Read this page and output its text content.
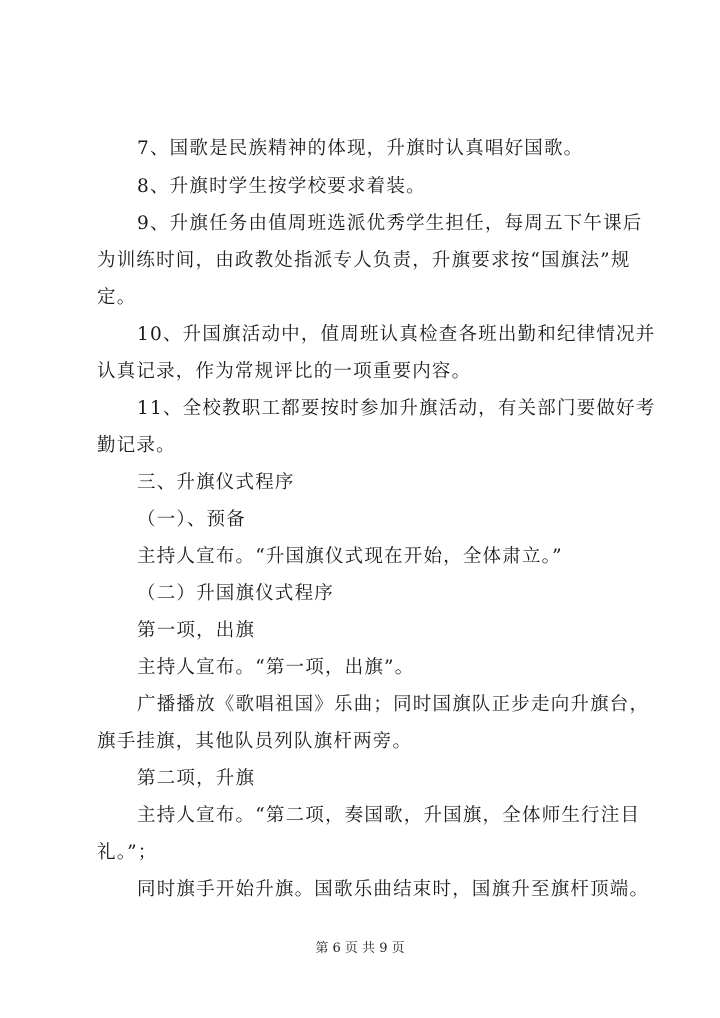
7、国歌是民族精神的体现，升旗时认真唱好国歌。
8、升旗时学生按学校要求着装。
9、升旗任务由值周班选派优秀学生担任，每周五下午课后
为训练时间，由政教处指派专人负责，升旗要求按“国旗法”规
定。
10、升国旗活动中，值周班认真检查各班出勤和纪律情况并
认真记录，作为常规评比的一项重要内容。
11、全校教职工都要按时参加升旗活动，有关部门要做好考
勤记录。
三、升旗仪式程序
（一）、预备
主持人宣布。“升国旗仪式现在开始，全体肃立。”
（二）升国旗仪式程序
第一项，出旗
主持人宣布。“第一项，出旗”。
广播播放《歌唱祖国》乐曲；同时国旗队正步走向升旗台，
旗手挂旗，其他队员列队旗杆两旁。
第二项，升旗
主持人宣布。“第二项，奏国歌，升国旗，全体师生行注目
礼。”；
同时旗手开始升旗。国歌乐曲结束时，国旗升至旗杆顶端。
第 6 页 共 9 页
